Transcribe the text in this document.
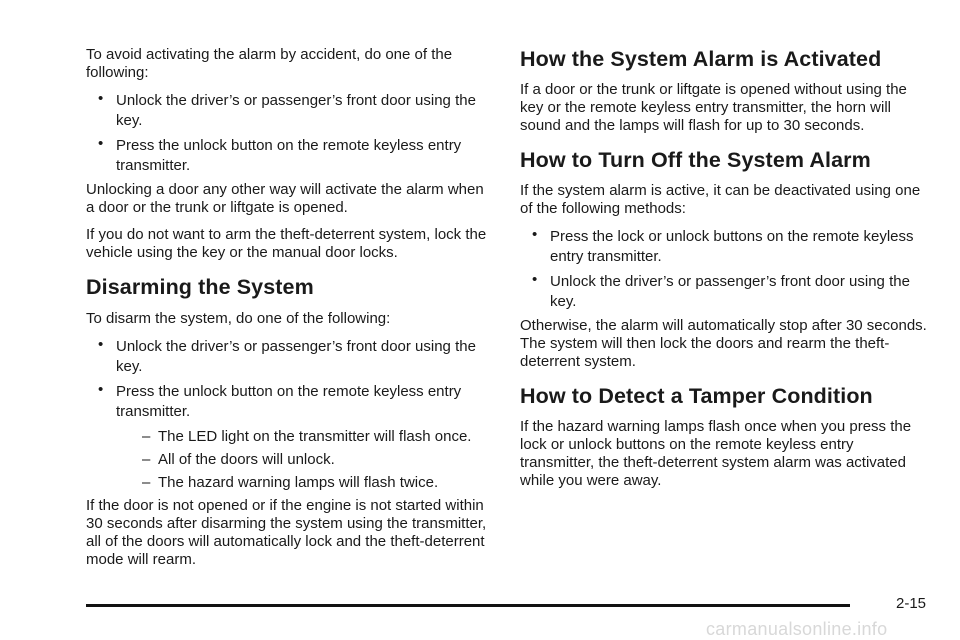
To avoid activating the alarm by accident, do one of the following:

• Unlock the driver’s or passenger’s front door using the key.
• Press the unlock button on the remote keyless entry transmitter.

Unlocking a door any other way will activate the alarm when a door or the trunk or liftgate is opened.

If you do not want to arm the theft-deterrent system, lock the vehicle using the key or the manual door locks.

Disarming the System

To disarm the system, do one of the following:

• Unlock the driver’s or passenger’s front door using the key.
• Press the unlock button on the remote keyless entry transmitter.
– The LED light on the transmitter will flash once.
– All of the doors will unlock.
– The hazard warning lamps will flash twice.

If the door is not opened or if the engine is not started within 30 seconds after disarming the system using the transmitter, all of the doors will automatically lock and the theft-deterrent mode will rearm.

How the System Alarm is Activated

If a door or the trunk or liftgate is opened without using the key or the remote keyless entry transmitter, the horn will sound and the lamps will flash for up to 30 seconds.

How to Turn Off the System Alarm

If the system alarm is active, it can be deactivated using one of the following methods:

• Press the lock or unlock buttons on the remote keyless entry transmitter.
• Unlock the driver’s or passenger’s front door using the key.

Otherwise, the alarm will automatically stop after 30 seconds. The system will then lock the doors and rearm the theft-deterrent system.

How to Detect a Tamper Condition

If the hazard warning lamps flash once when you press the lock or unlock buttons on the remote keyless entry transmitter, the theft-deterrent system alarm was activated while you were away.

2-15
carmanualsonline.info
